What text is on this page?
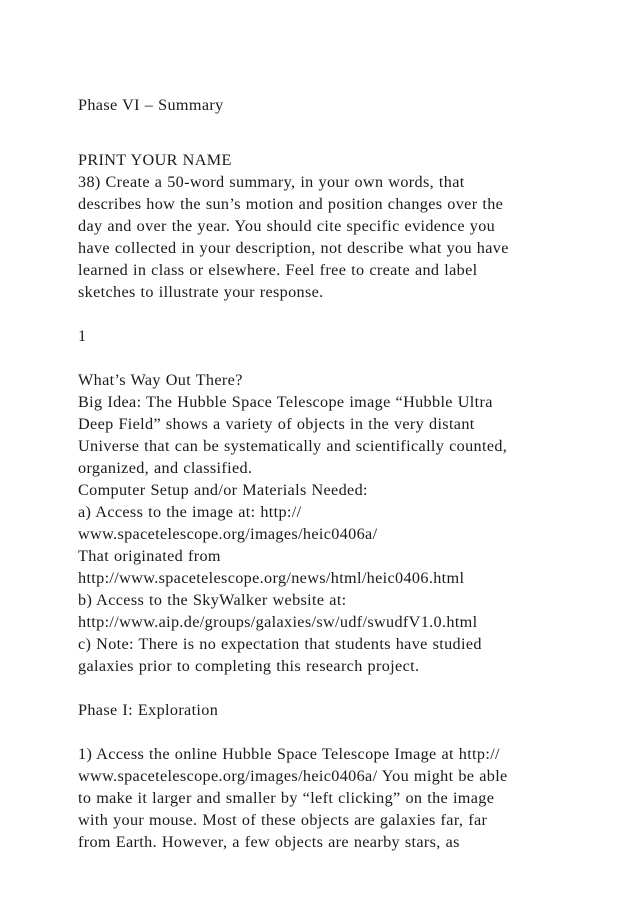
Phase VI – Summary
PRINT YOUR NAME
38) Create a 50-word summary, in your own words, that
describes how the sun’s motion and position changes over the
day and over the year. You should cite specific evidence you
have collected in your description, not describe what you have
learned in class or elsewhere. Feel free to create and label
sketches to illustrate your response.
1
What’s Way Out There?
Big Idea: The Hubble Space Telescope image “Hubble Ultra
Deep Field” shows a variety of objects in the very distant
Universe that can be systematically and scientifically counted,
organized, and classified.
Computer Setup and/or Materials Needed:
a) Access to the image at: http://
www.spacetelescope.org/images/heic0406a/
That originated from
http://www.spacetelescope.org/news/html/heic0406.html
b) Access to the SkyWalker website at:
http://www.aip.de/groups/galaxies/sw/udf/swudfV1.0.html
c) Note: There is no expectation that students have studied
galaxies prior to completing this research project.
Phase I: Exploration
1) Access the online Hubble Space Telescope Image at http://
www.spacetelescope.org/images/heic0406a/ You might be able
to make it larger and smaller by “left clicking” on the image
with your mouse. Most of these objects are galaxies far, far
from Earth. However, a few objects are nearby stars, as
